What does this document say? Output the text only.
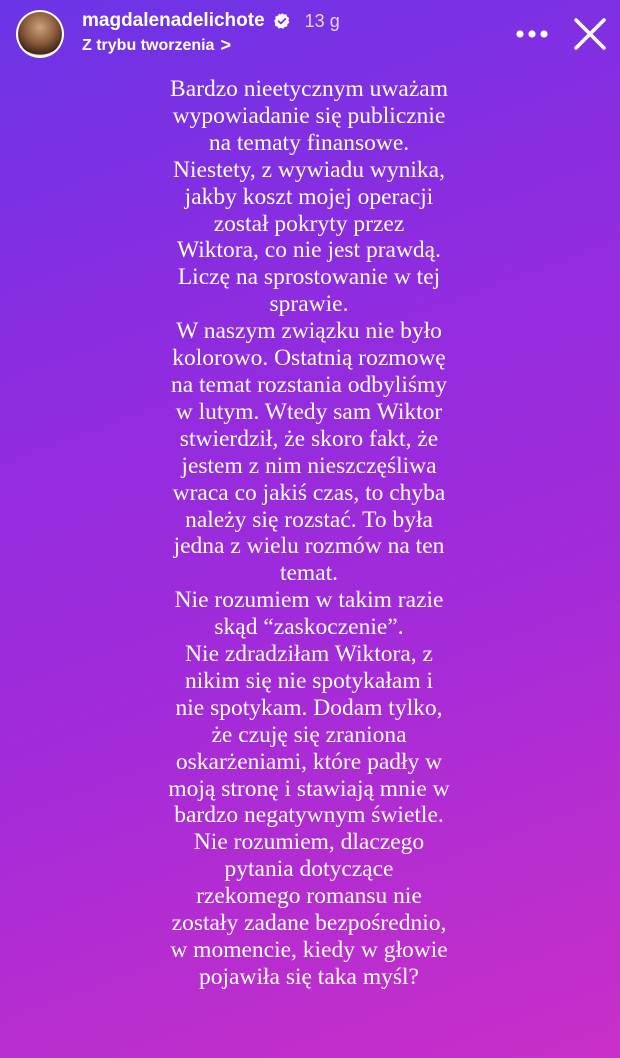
magdalenadelichote 13 g
Z trybu tworzenia >
Bardzo nieetycznym uważam
wypowiadanie się publicznie
na tematy finansowe.
Niestety, z wywiadu wynika,
jakby koszt mojej operacji
został pokryty przez
Wiktora, co nie jest prawdą.
Liczę na sprostowanie w tej
sprawie.
W naszym związku nie było
kolorowo. Ostatnią rozmowę
na temat rozstania odbyliśmy
w lutym. Wtedy sam Wiktor
stwierdził, że skoro fakt, że
jestem z nim nieszczęśliwa
wraca co jakiś czas, to chyba
należy się rozstać. To była
jedna z wielu rozmów na ten
temat.
Nie rozumiem w takim razie
skąd “zaskoczenie”.
Nie zdradziłam Wiktora, z
nikim się nie spotykałam i
nie spotykam. Dodam tylko,
że czuję się zraniona
oskarżeniami, które padły w
moją stronę i stawiają mnie w
bardzo negatywnym świetle.
Nie rozumiem, dlaczego
pytania dotyczące
rzekomego romansu nie
zostały zadane bezpośrednio,
w momencie, kiedy w głowie
pojawiła się taka myśl?
